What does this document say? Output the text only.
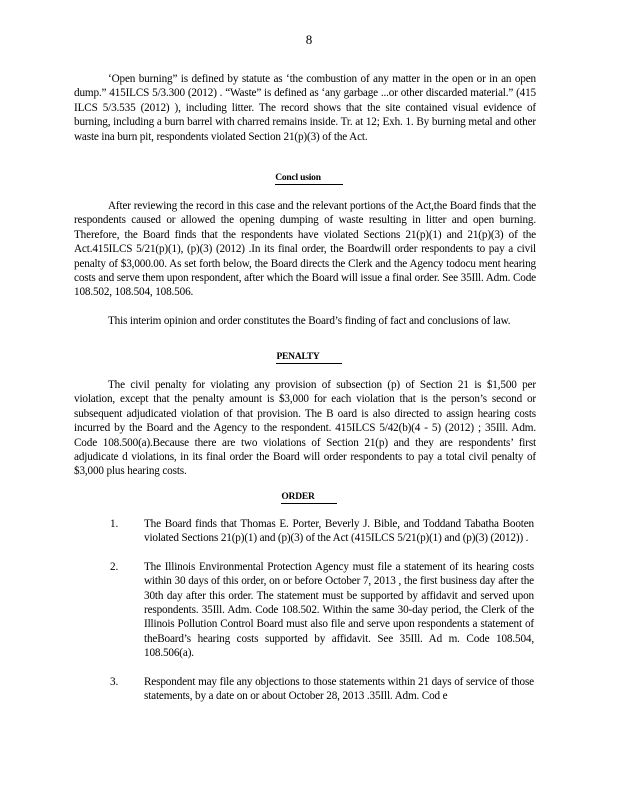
8

‘Open burning” is defined by statute as ‘the combustion of any matter in the open or in an open dump.” 415ILCS 5/3.300 (2012) . “Waste” is defined as ‘any garbage ...or other discarded material.” (415 ILCS 5/3.535 (2012) ), including litter. The record shows that the site contained visual evidence of burning, including a burn barrel with charred remains inside. Tr. at 12; Exh. 1. By burning metal and other waste ina burn pit, respondents violated Section 21(p)(3) of the Act.

Concl usion

After reviewing the record in this case and the relevant portions of the Act,the Board finds that the respondents caused or allowed the opening dumping of waste resulting in litter and open burning. Therefore, the Board finds that the respondents have violated Sections 21(p)(1) and 21(p)(3) of the Act.415ILCS 5/21(p)(1), (p)(3) (2012) .In its final order, the Boardwill order respondents to pay a civil penalty of $3,000.00. As set forth below, the Board directs the Clerk and the Agency todocu ment hearing costs and serve them upon respondent, after which the Board will issue a final order. See 35Ill. Adm. Code 108.502, 108.504, 108.506.

This interim opinion and order constitutes the Board’s finding of fact and conclusions of law.

PENALTY

The civil penalty for violating any provision of subsection (p) of Section 21 is $1,500 per violation, except that the penalty amount is $3,000 for each violation that is the person’s second or subsequent adjudicated violation of that provision. The B oard is also directed to assign hearing costs incurred by the Board and the Agency to the respondent. 415ILCS 5/42(b)(4 - 5) (2012) ; 35Ill. Adm. Code 108.500(a).Because there are two violations of Section 21(p) and they are respondents’ first adjudicate d violations, in its final order the Board will order respondents to pay a total civil penalty of $3,000 plus hearing costs.

ORDER
1.	The Board finds that Thomas E. Porter, Beverly J. Bible, and Toddand Tabatha Booten violated Sections 21(p)(1) and (p)(3) of the Act (415ILCS 5/21(p)(1) and (p)(3) (2012)) .
2.	The Illinois Environmental Protection Agency must file a statement of its hearing costs within 30 days of this order, on or before October 7, 2013 , the first business day after the 30th day after this order. The statement must be supported by affidavit and served upon respondents. 35Ill. Adm. Code 108.502. Within the same 30-day period, the Clerk of the Illinois Pollution Control Board must also file and serve upon respondents a statement of theBoard’s hearing costs supported by affidavit. See 35Ill. Ad m. Code 108.504, 108.506(a).
3.	Respondent may file any objections to those statements within 21 days of service of those statements, by a date on or about October 28, 2013 .35Ill. Adm. Cod e
